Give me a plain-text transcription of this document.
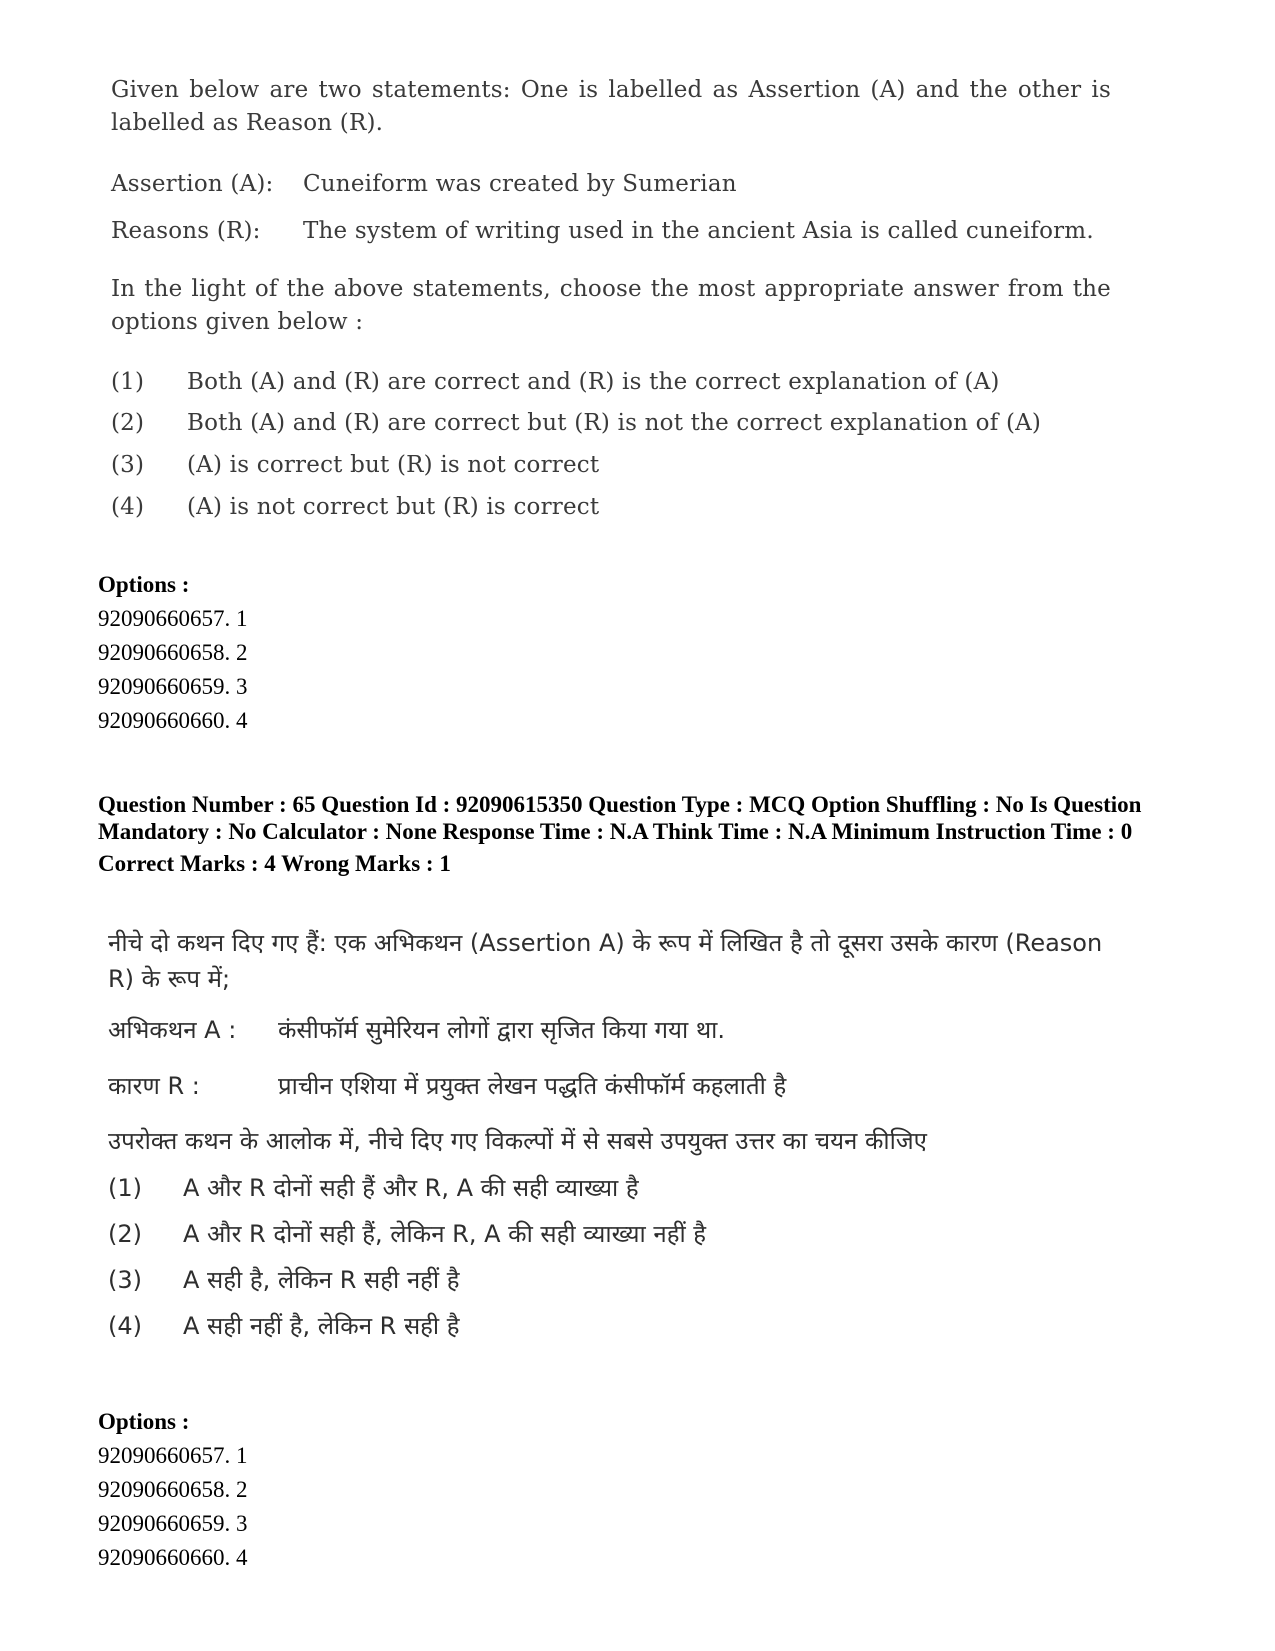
Given below are two statements: One is labelled as Assertion (A) and the other is labelled as Reason (R).

Assertion (A):	Cuneiform was created by Sumerian
Reasons (R):	The system of writing used in the ancient Asia is called cuneiform.

In the light of the above statements, choose the most appropriate answer from the options given below :

(1)	Both (A) and (R) are correct and (R) is the correct explanation of (A)
(2)	Both (A) and (R) are correct but (R) is not the correct explanation of (A)
(3)	(A) is correct but (R) is not correct
(4)	(A) is not correct but (R) is correct
Options :
92090660657. 1
92090660658. 2
92090660659. 3
92090660660. 4
Question Number : 65 Question Id : 92090615350 Question Type : MCQ Option Shuffling : No Is Question Mandatory : No Calculator : None Response Time : N.A Think Time : N.A Minimum Instruction Time : 0
Correct Marks : 4 Wrong Marks : 1

नीचे दो कथन दिए गए हैं: एक अभिकथन (Assertion A) के रूप में लिखित है तो दूसरा उसके कारण (Reason R) के रूप में;

अभिकथन A :	कंसीफॉर्म सुमेरियन लोगों द्वारा सृजित किया गया था.
कारण R :	प्राचीन एशिया में प्रयुक्त लेखन पद्धति कंसीफॉर्म कहलाती है

उपरोक्त कथन के आलोक में, नीचे दिए गए विकल्पों में से सबसे उपयुक्त उत्तर का चयन कीजिए

(1)	A और R दोनों सही हैं और R, A की सही व्याख्या है
(2)	A और R दोनों सही हैं, लेकिन R, A की सही व्याख्या नहीं है
(3)	A सही है, लेकिन R सही नहीं है
(4)	A सही नहीं है, लेकिन R सही है
Options :
92090660657. 1
92090660658. 2
92090660659. 3
92090660660. 4
